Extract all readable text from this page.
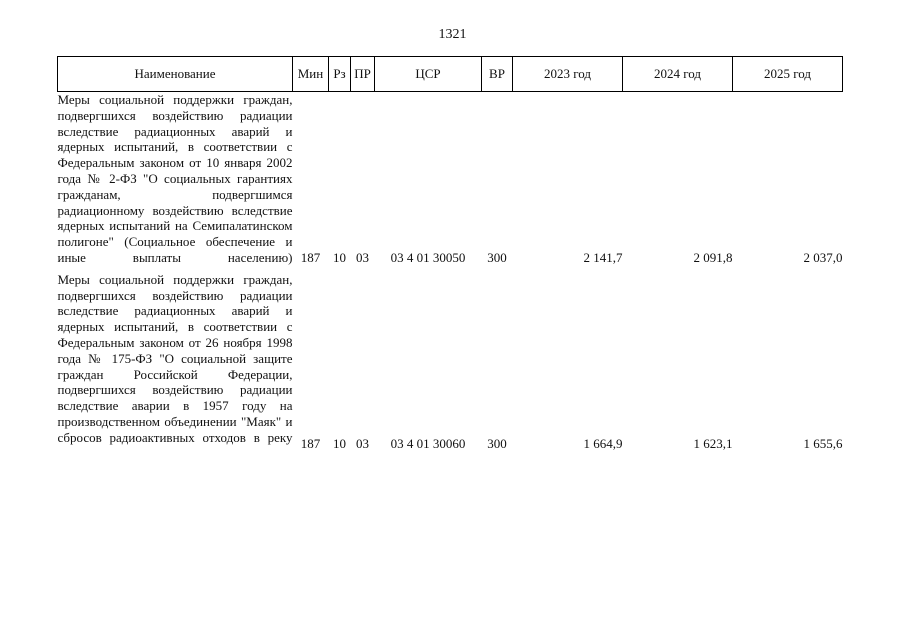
1321
Наименование	Мин	Рз	ПР	ЦСР	ВР	2023 год	2024 год	2025 год
Меры социальной поддержки граждан, подвергшихся воздействию радиации вследствие радиационных аварий и ядерных испытаний, в соответствии с Федеральным законом от 10 января 2002 года № 2-ФЗ "О социальных гарантиях гражданам, подвергшимся радиационному воздействию вследствие ядерных испытаний на Семипалатинском полигоне" (Социальное обеспечение и иные выплаты населению)	187	10	03	03 4 01 30050	300	2 141,7	2 091,8	2 037,0
Меры социальной поддержки граждан, подвергшихся воздействию радиации вследствие радиационных аварий и ядерных испытаний, в соответствии с Федеральным законом от 26 ноября 1998 года № 175-ФЗ "О социальной защите граждан Российской Федерации, подвергшихся воздействию радиации вследствие аварии в 1957 году на производственном объединении "Маяк" и сбросов радиоактивных отходов в реку	187	10	03	03 4 01 30060	300	1 664,9	1 623,1	1 655,6
